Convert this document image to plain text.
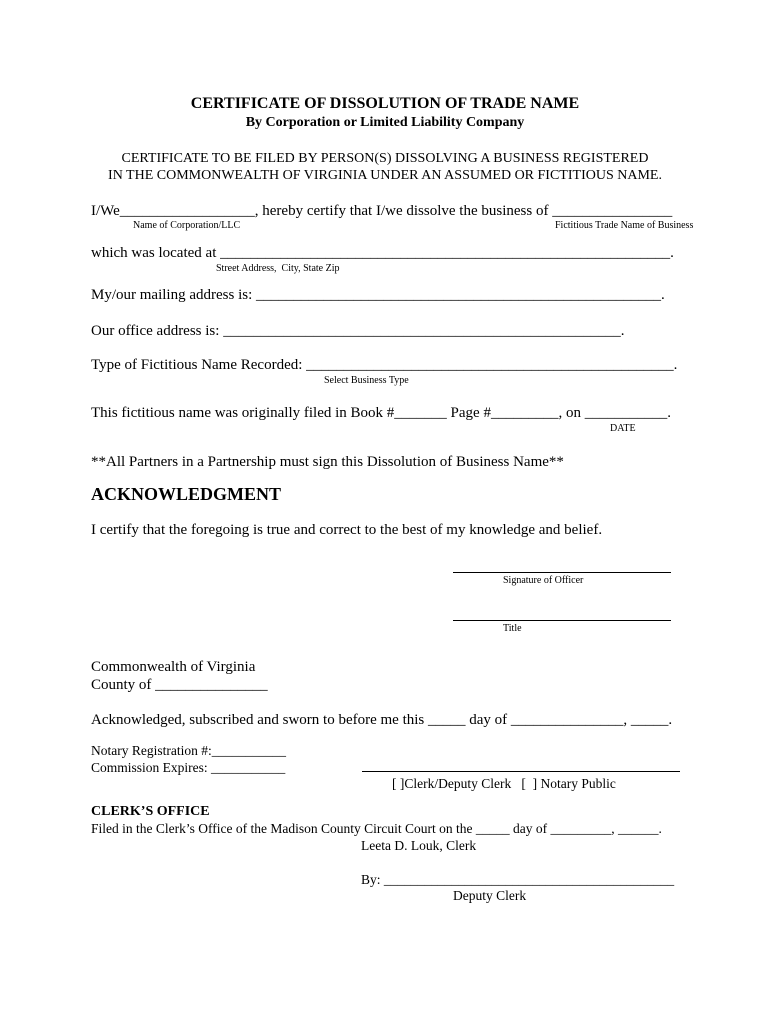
CERTIFICATE OF DISSOLUTION OF TRADE NAME
By Corporation or Limited Liability Company
CERTIFICATE TO BE FILED BY PERSON(S) DISSOLVING A BUSINESS REGISTERED
IN THE COMMONWEALTH OF VIRGINIA UNDER AN ASSUMED OR FICTITIOUS NAME.
I/We__________________, hereby certify that I/we dissolve the business of ________________
Name of Corporation/LLC	Fictitious Trade Name of Business
which was located at ____________________________________________________________.
Street Address,  City, State Zip
My/our mailing address is: ______________________________________________________.
Our office address is: _____________________________________________________.
Type of Fictitious Name Recorded: _________________________________________________.
Select Business Type
This fictitious name was originally filed in Book #_______ Page #_________, on ___________.
DATE
**All Partners in a Partnership must sign this Dissolution of Business Name**
ACKNOWLEDGMENT
I certify that the foregoing is true and correct to the best of my knowledge and belief.
Signature of Officer
Title
Commonwealth of Virginia
County of _______________
Acknowledged, subscribed and sworn to before me this _____ day of _______________, _____.
Notary Registration #:___________
Commission Expires: ___________
[ ]Clerk/Deputy Clerk   [  ] Notary Public
CLERK’S OFFICE
Filed in the Clerk’s Office of the Madison County Circuit Court on the _____ day of _________, ______.
Leeta D. Louk, Clerk
By: ___________________________________________
Deputy Clerk
